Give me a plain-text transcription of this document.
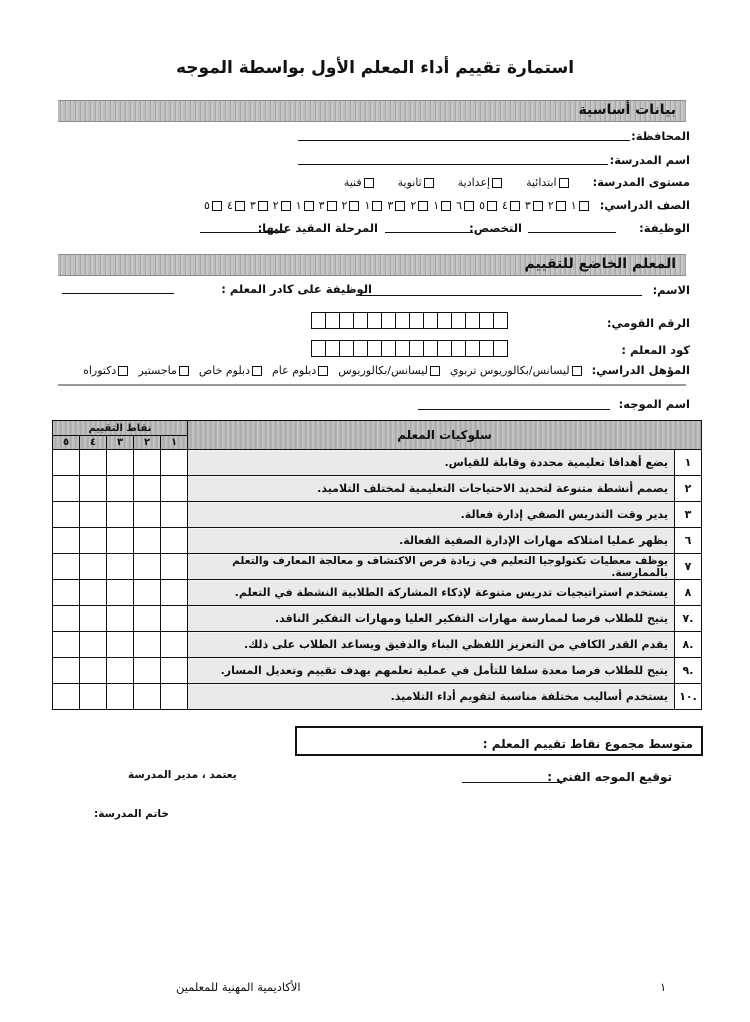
استمارة تقييم أداء المعلم الأول بواسطة الموجه
بيانات أساسية
المحافظة:
اسم المدرسة:
مستوى المدرسة:
ابتدائية
إعدادية
ثانوية
فنية
الصف الدراسي:
١
٢
٣
٤
٥
٦
١
٢
٣
١
٢
٣
١
٢
٣
٤
٥
الوظيفة:
التخصص:
المرحلة المقيد عليها:
المعلم الخاضع للتقييم
الاسم:
الوظيفة على كادر المعلم :
الرقم القومي:
كود المعلم :
المؤهل الدراسي:
ليسانس/بكالوريوس تربوي
ليسانس/بكالوريوس
دبلوم عام
دبلوم خاص
ماجستير
دكتوراه
اسم الموجه:
سلوكيات المعلم		نقاط التقييم				
		١	٢	٣	٤	٥
١	يضع أهدافا تعليمية محددة وقابلة للقياس.					
٢	يصمم أنشطة متنوعة لتحديد الاحتياجات التعليمية لمختلف التلاميذ.					
٣	يدير وقت التدريس الصفي إدارة فعالة.					
٦	يظهر عمليا امتلاكه مهارات الإدارة الصفية الفعالة.					
٧	يوظف معطيات تكنولوجيا التعليم في زيادة فرص الاكتشاف و معالجة المعارف والتعلم بالممارسة.					
٨	يستخدم استراتيجيات تدريس متنوعة لإذكاء المشاركة الطلابية النشطة في التعلم.					
.٧	يتيح للطلاب فرصا لممارسة مهارات التفكير العليا ومهارات التفكير الناقد.					
.٨	يقدم القدر الكافي من التعزيز اللفظي البناء والدقيق ويساعد الطلاب على ذلك.					
.٩	يتيح للطلاب فرصا معدة سلفا للتأمل في عملية تعلمهم بهدف تقييم وتعديل المسار.					
.١٠	يستخدم أساليب مختلفة مناسبة لتقويم أداء التلاميذ.					
متوسط مجموع نقاط تقييم المعلم :
توقيع الموجه الفني :
يعتمد ، مدير المدرسة
خاتم المدرسة:
الأكاديمية المهنية للمعلمين	١
